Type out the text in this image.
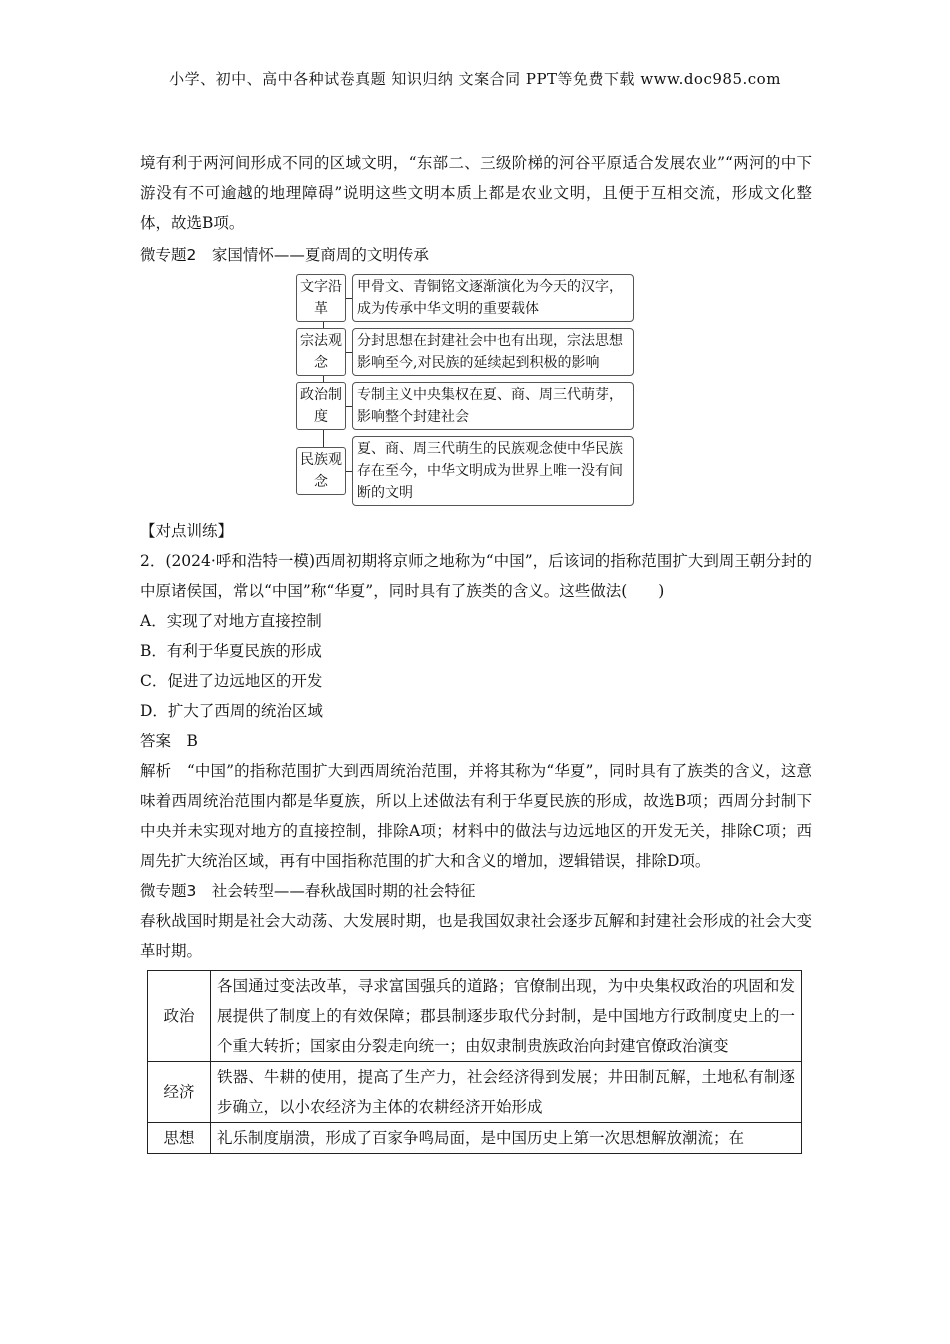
小学、初中、高中各种试卷真题 知识归纳 文案合同 PPT等免费下载 www.doc985.com

境有利于两河间形成不同的区域文明，“东部二、三级阶梯的河谷平原适合发展农业”“两河的中下游没有不可逾越的地理障碍”说明这些文明本质上都是农业文明，且便于互相交流，形成文化整体，故选B项。

微专题2　家国情怀——夏商周的文明传承

文字沿革
甲骨文、青铜铭文逐渐演化为今天的汉字，成为传承中华文明的重要载体
宗法观念
分封思想在封建社会中也有出现，宗法思想影响至今,对民族的延续起到积极的影响
政治制度
专制主义中央集权在夏、商、周三代萌芽，影响整个封建社会
民族观念
夏、商、周三代萌生的民族观念使中华民族存在至今，中华文明成为世界上唯一没有间断的文明

【对点训练】

2．(2024·呼和浩特一模)西周初期将京师之地称为“中国”，后该词的指称范围扩大到周王朝分封的中原诸侯国，常以“中国”称“华夏”，同时具有了族类的含义。这些做法(　　)

A．实现了对地方直接控制

B．有利于华夏民族的形成

C．促进了边远地区的开发

D．扩大了西周的统治区域

答案　B

解析　“中国”的指称范围扩大到西周统治范围，并将其称为“华夏”，同时具有了族类的含义，这意味着西周统治范围内都是华夏族，所以上述做法有利于华夏民族的形成，故选B项；西周分封制下中央并未实现对地方的直接控制，排除A项；材料中的做法与边远地区的开发无关，排除C项；西周先扩大统治区域，再有中国指称范围的扩大和含义的增加，逻辑错误，排除D项。

微专题3　社会转型——春秋战国时期的社会特征

春秋战国时期是社会大动荡、大发展时期，也是我国奴隶社会逐步瓦解和封建社会形成的社会大变革时期。

政治	各国通过变法改革，寻求富国强兵的道路；官僚制出现，为中央集权政治的巩固和发展提供了制度上的有效保障；郡县制逐步取代分封制，是中国地方行政制度史上的一个重大转折；国家由分裂走向统一；由奴隶制贵族政治向封建官僚政治演变
经济	铁器、牛耕的使用，提高了生产力，社会经济得到发展；井田制瓦解，土地私有制逐步确立，以小农经济为主体的农耕经济开始形成
思想	礼乐制度崩溃，形成了百家争鸣局面，是中国历史上第一次思想解放潮流；在
